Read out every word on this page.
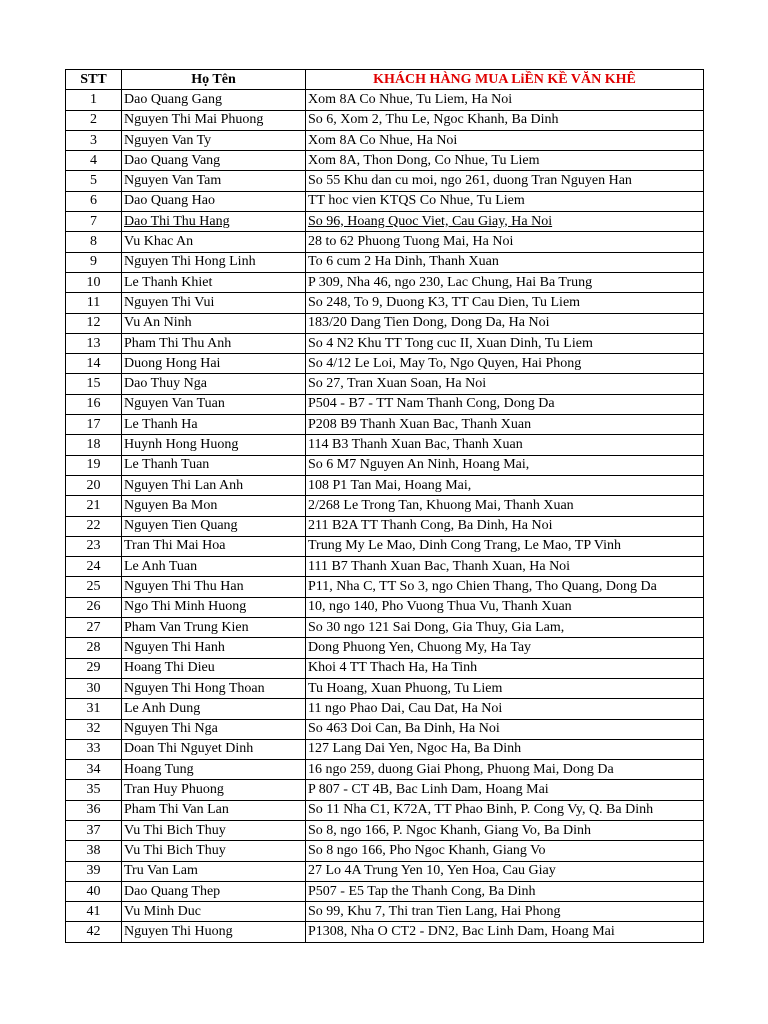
STT	Họ Tên	KHÁCH HÀNG MUA LiỀN KỀ VĂN KHÊ
1	Dao Quang Gang	Xom 8A Co Nhue, Tu Liem, Ha Noi
2	Nguyen Thi Mai Phuong	So 6, Xom 2, Thu Le, Ngoc Khanh, Ba Dinh
3	Nguyen Van Ty	Xom 8A Co Nhue, Ha Noi
4	Dao Quang Vang	Xom 8A, Thon Dong, Co Nhue, Tu Liem
5	Nguyen Van Tam	So 55 Khu dan cu moi, ngo 261, duong Tran Nguyen Han
6	Dao Quang Hao	TT hoc vien KTQS Co Nhue, Tu Liem
7	Dao Thi Thu Hang	So 96, Hoang Quoc Viet, Cau Giay, Ha Noi
8	Vu Khac An	28 to 62 Phuong Tuong Mai, Ha Noi
9	Nguyen Thi Hong Linh	To 6 cum 2 Ha Dinh, Thanh Xuan
10	Le Thanh Khiet	P 309, Nha 46, ngo 230, Lac Chung, Hai Ba Trung
11	Nguyen Thi Vui	So 248, To 9, Duong K3, TT Cau Dien, Tu Liem
12	Vu An Ninh	183/20 Dang Tien Dong, Dong Da, Ha Noi
13	Pham Thi Thu Anh	So 4 N2 Khu TT Tong cuc II, Xuan Dinh, Tu Liem
14	Duong Hong Hai	So 4/12 Le Loi, May To, Ngo Quyen, Hai Phong
15	Dao Thuy Nga	So 27, Tran Xuan Soan, Ha Noi
16	Nguyen Van Tuan	P504 - B7 - TT Nam Thanh Cong, Dong Da
17	Le Thanh Ha	P208 B9 Thanh Xuan Bac, Thanh Xuan
18	Huynh Hong Huong	114 B3 Thanh Xuan Bac, Thanh Xuan
19	Le Thanh Tuan	So 6 M7 Nguyen An Ninh, Hoang Mai,
20	Nguyen Thi Lan Anh	108 P1 Tan Mai, Hoang Mai,
21	Nguyen Ba Mon	2/268 Le Trong Tan, Khuong Mai, Thanh Xuan
22	Nguyen Tien Quang	211 B2A TT Thanh Cong, Ba Dinh, Ha Noi
23	Tran Thi Mai Hoa	Trung My Le Mao, Dinh Cong Trang, Le Mao, TP Vinh
24	Le Anh Tuan	111 B7 Thanh Xuan Bac, Thanh Xuan, Ha Noi
25	Nguyen Thi Thu Han	P11, Nha C, TT So 3, ngo Chien Thang, Tho Quang, Dong Da
26	Ngo Thi Minh Huong	10, ngo 140, Pho Vuong Thua Vu, Thanh Xuan
27	Pham Van Trung Kien	So 30 ngo 121 Sai Dong, Gia Thuy, Gia Lam,
28	Nguyen Thi Hanh	Dong Phuong Yen, Chuong My, Ha Tay
29	Hoang Thi Dieu	Khoi 4 TT Thach Ha, Ha Tinh
30	Nguyen Thi Hong Thoan	Tu Hoang, Xuan Phuong, Tu Liem
31	Le Anh Dung	11 ngo Phao Dai, Cau Dat, Ha Noi
32	Nguyen Thi Nga	So 463 Doi Can, Ba Dinh, Ha Noi
33	Doan Thi Nguyet Dinh	127 Lang Dai Yen, Ngoc Ha, Ba Dinh
34	Hoang Tung	16 ngo 259, duong Giai Phong, Phuong Mai, Dong Da
35	Tran Huy Phuong	P 807 - CT 4B, Bac Linh Dam, Hoang Mai
36	Pham Thi Van Lan	So 11 Nha C1, K72A, TT Phao Binh, P. Cong Vy, Q. Ba Dinh
37	Vu Thi Bich Thuy	So 8, ngo 166, P. Ngoc Khanh, Giang Vo, Ba Dinh
38	Vu Thi Bich Thuy	So 8 ngo 166, Pho Ngoc Khanh, Giang Vo
39	Tru Van Lam	27 Lo 4A Trung Yen 10, Yen Hoa, Cau Giay
40	Dao Quang Thep	P507 - E5 Tap the Thanh Cong, Ba Dinh
41	Vu Minh Duc	So 99, Khu 7, Thi tran Tien Lang, Hai Phong
42	Nguyen Thi Huong	P1308, Nha O CT2 - DN2, Bac Linh Dam, Hoang Mai
